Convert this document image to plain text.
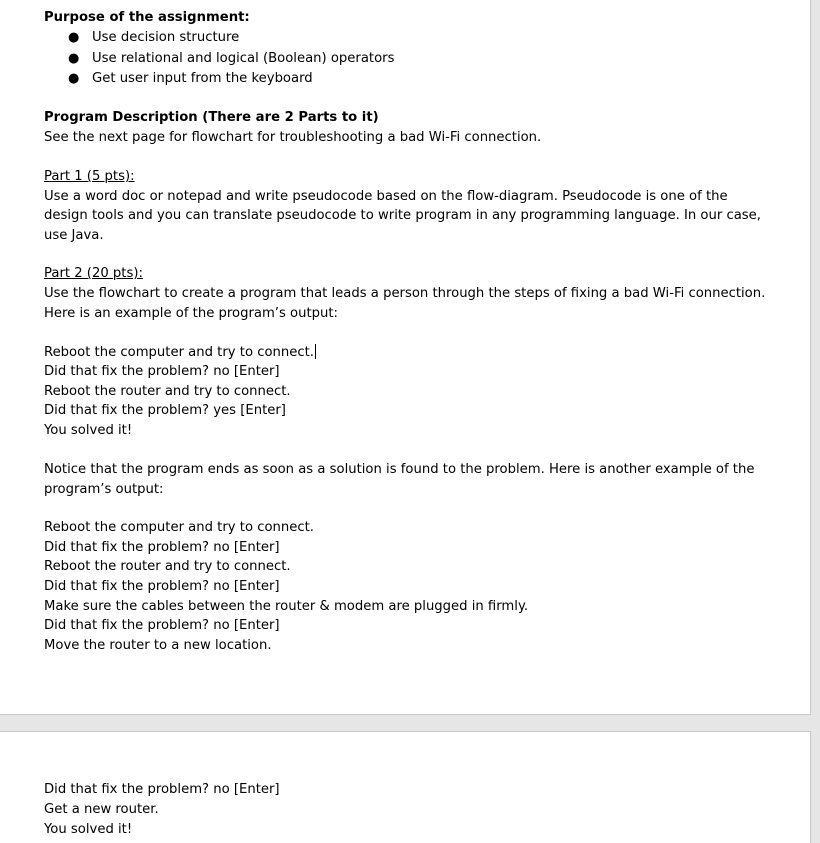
Purpose of the assignment:
● Use decision structure
● Use relational and logical (Boolean) operators
● Get user input from the keyboard
Program Description (There are 2 Parts to it)
See the next page for flowchart for troubleshooting a bad Wi-Fi connection.
Part 1 (5 pts):
Use a word doc or notepad and write pseudocode based on the flow-diagram. Pseudocode is one of the
design tools and you can translate pseudocode to write program in any programming language. In our case,
use Java.
Part 2 (20 pts):
Use the flowchart to create a program that leads a person through the steps of fixing a bad Wi-Fi connection.
Here is an example of the program’s output:
Reboot the computer and try to connect.
Did that fix the problem? no [Enter]
Reboot the router and try to connect.
Did that fix the problem? yes [Enter]
You solved it!
Notice that the program ends as soon as a solution is found to the problem. Here is another example of the
program’s output:
Reboot the computer and try to connect.
Did that fix the problem? no [Enter]
Reboot the router and try to connect.
Did that fix the problem? no [Enter]
Make sure the cables between the router & modem are plugged in firmly.
Did that fix the problem? no [Enter]
Move the router to a new location.
Did that fix the problem? no [Enter]
Get a new router.
You solved it!
